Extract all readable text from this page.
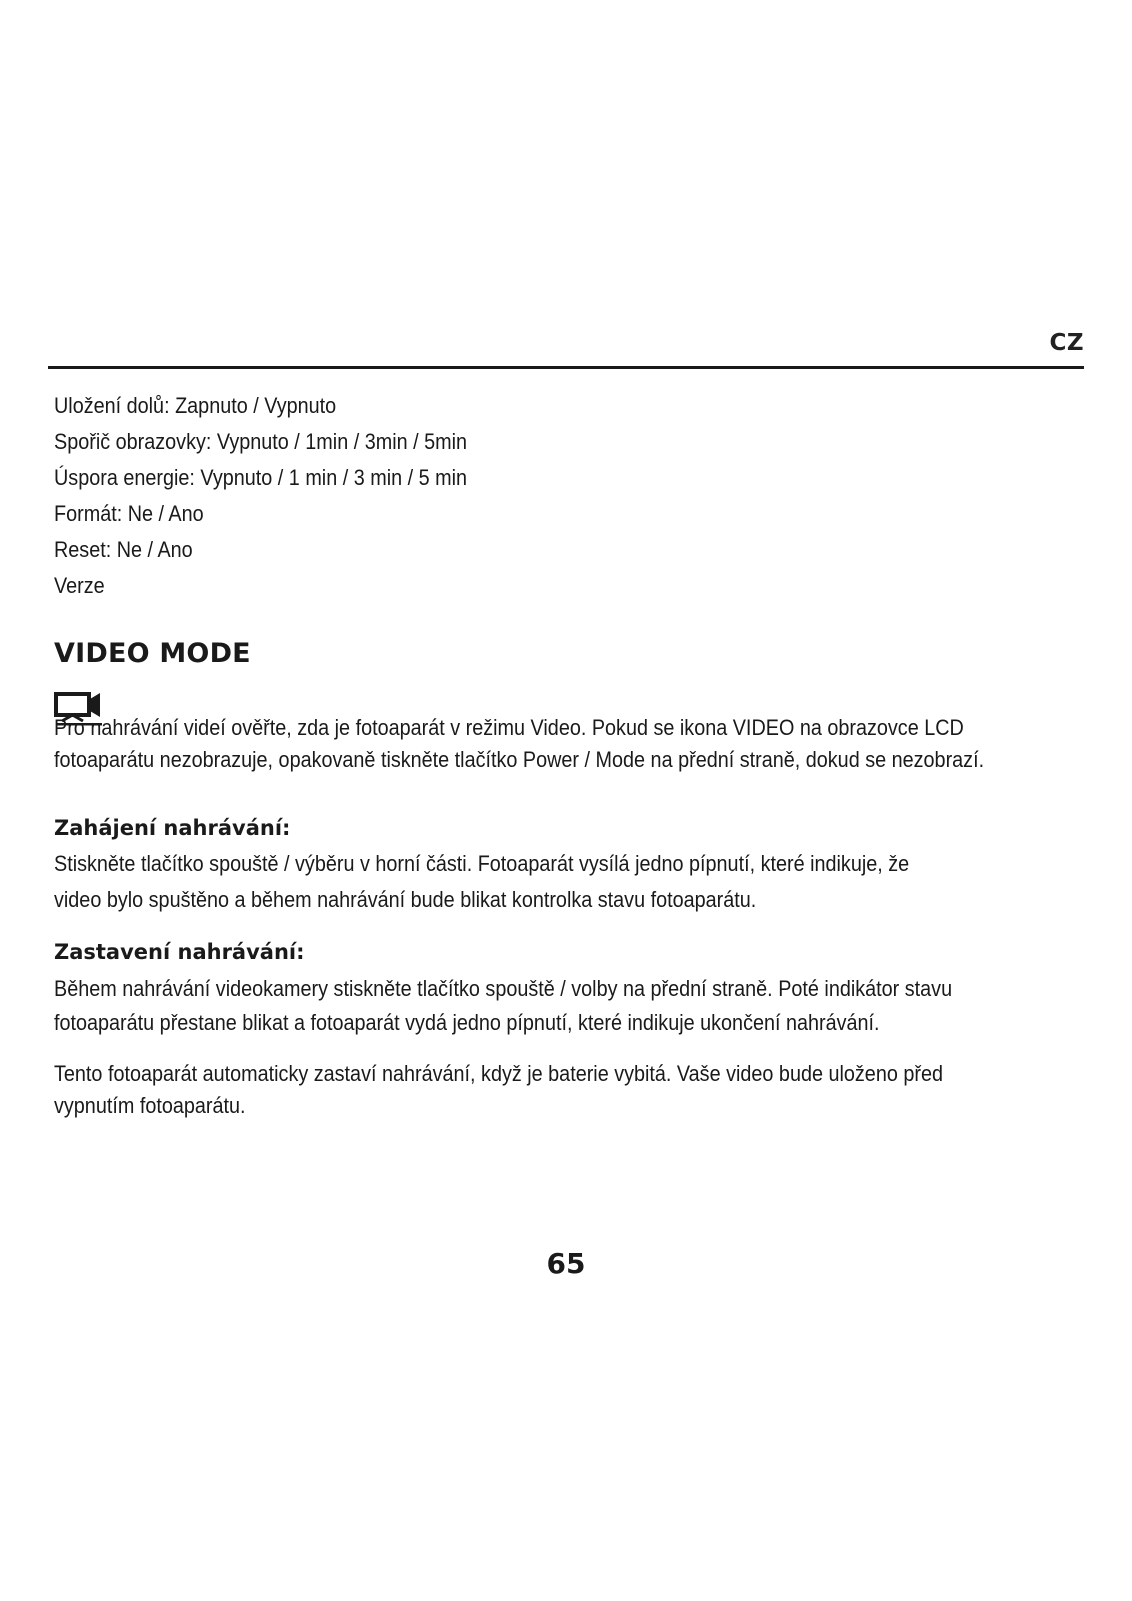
CZ
Uložení dolů: Zapnuto / Vypnuto
Spořič obrazovky: Vypnuto / 1min / 3min / 5min
Úspora energie: Vypnuto / 1 min / 3 min / 5 min
Formát: Ne / Ano
Reset: Ne / Ano
Verze
VIDEO MODE

Pro nahrávání videí ověřte, zda je fotoaparát v režimu Video. Pokud se ikona VIDEO na obrazovce LCD
fotoaparátu nezobrazuje, opakovaně tiskněte tlačítko Power / Mode na přední straně, dokud se nezobrazí.

Zahájení nahrávání:

Stiskněte tlačítko spouště / výběru v horní části. Fotoaparát vysílá jedno pípnutí, které indikuje, že
video bylo spuštěno a během nahrávání bude blikat kontrolka stavu fotoaparátu.

Zastavení nahrávání:

Během nahrávání videokamery stiskněte tlačítko spouště / volby na přední straně. Poté indikátor stavu
fotoaparátu přestane blikat a fotoaparát vydá jedno pípnutí, které indikuje ukončení nahrávání.

Tento fotoaparát automaticky zastaví nahrávání, když je baterie vybitá. Vaše video bude uloženo před
vypnutím fotoaparátu.

65
